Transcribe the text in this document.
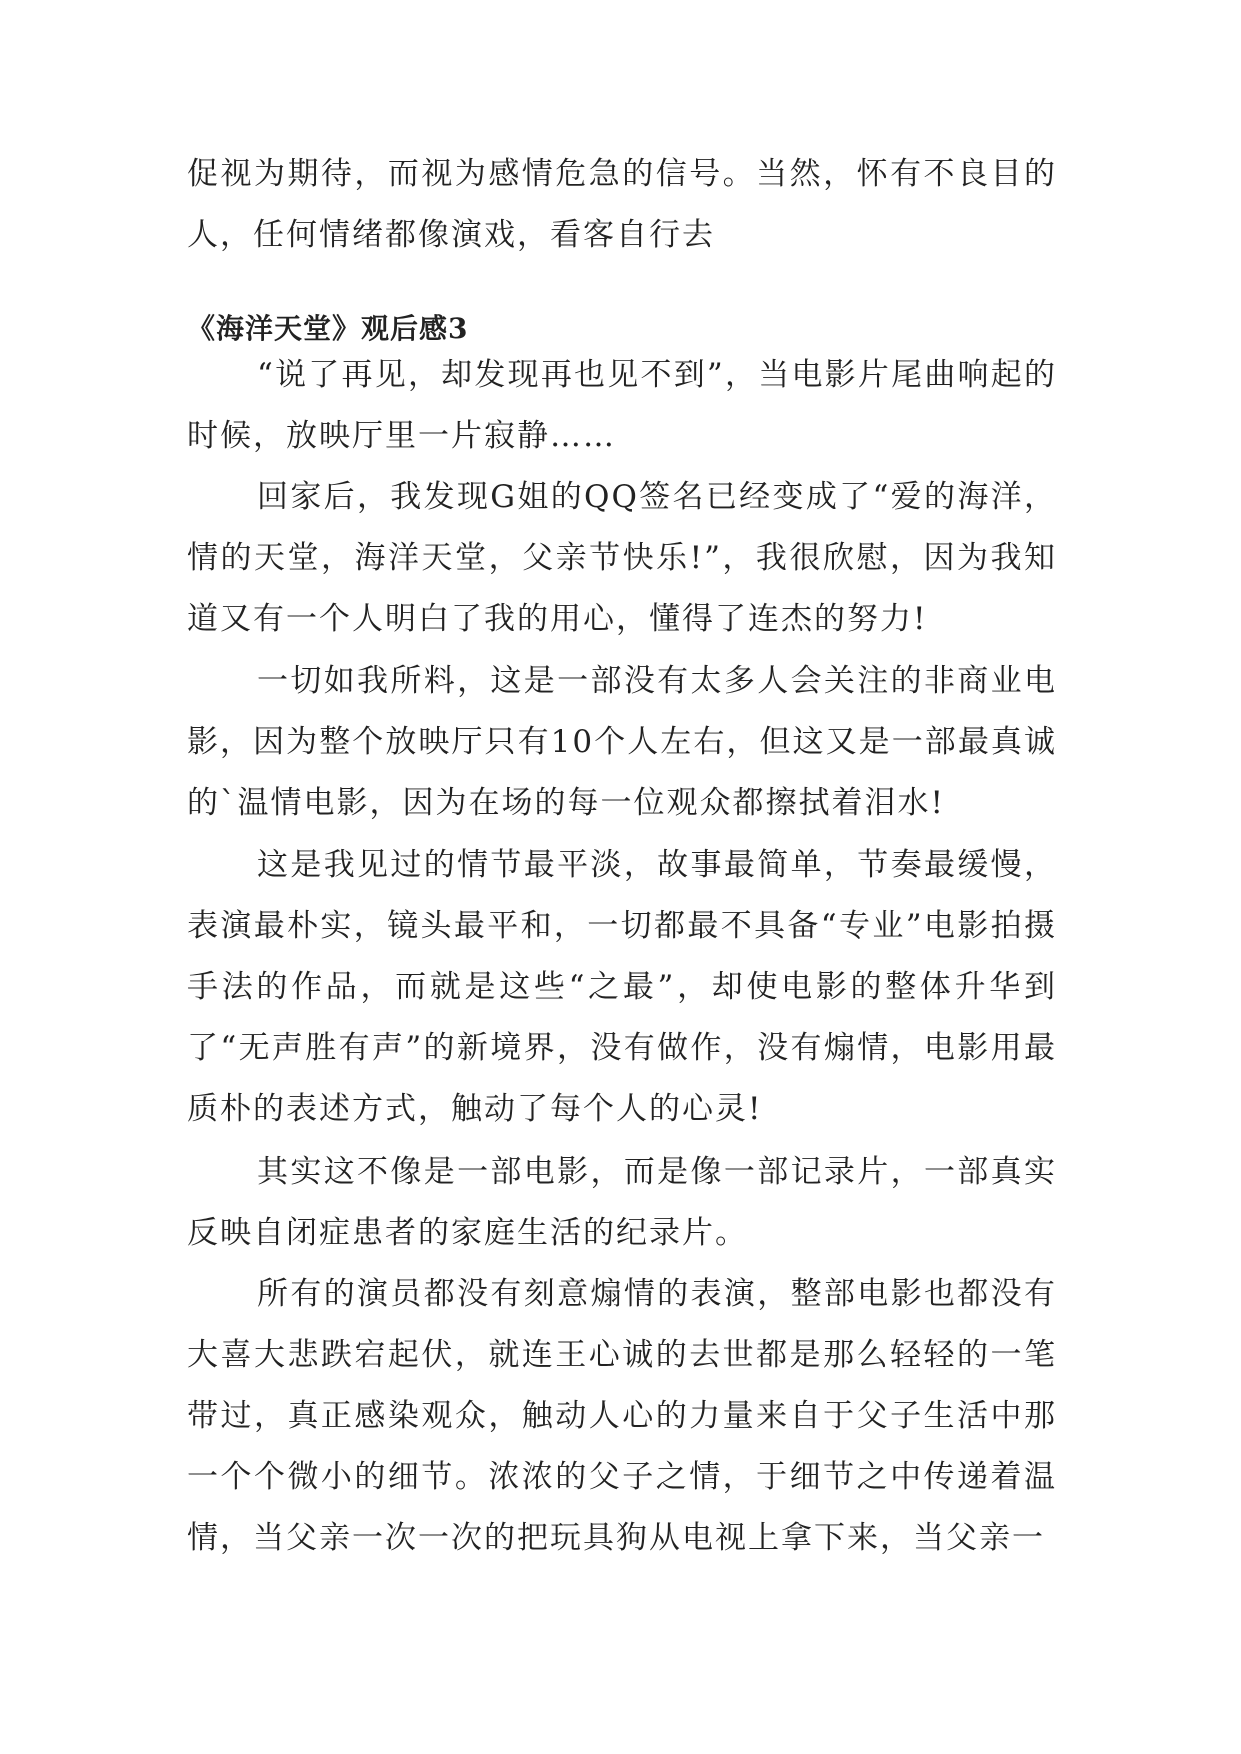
促视为期待，而视为感情危急的信号。当然，怀有不良目的人，任何情绪都像演戏，看客自行去

《海洋天堂》观后感3

“说了再见，却发现再也见不到”，当电影片尾曲响起的时候，放映厅里一片寂静……

回家后，我发现G姐的QQ签名已经变成了“爱的海洋，情的天堂，海洋天堂，父亲节快乐!”，我很欣慰，因为我知道又有一个人明白了我的用心，懂得了连杰的努力!

一切如我所料，这是一部没有太多人会关注的非商业电影，因为整个放映厅只有10个人左右，但这又是一部最真诚的`温情电影，因为在场的每一位观众都擦拭着泪水!

这是我见过的情节最平淡，故事最简单，节奏最缓慢，表演最朴实，镜头最平和，一切都最不具备“专业”电影拍摄手法的作品，而就是这些“之最”，却使电影的整体升华到了“无声胜有声”的新境界，没有做作，没有煽情，电影用最质朴的表述方式，触动了每个人的心灵!

其实这不像是一部电影，而是像一部记录片，一部真实反映自闭症患者的家庭生活的纪录片。

所有的演员都没有刻意煽情的表演，整部电影也都没有大喜大悲跌宕起伏，就连王心诚的去世都是那么轻轻的一笔带过，真正感染观众，触动人心的力量来自于父子生活中那一个个微小的细节。浓浓的父子之情，于细节之中传递着温情，当父亲一次一次的把玩具狗从电视上拿下来，当父亲一
